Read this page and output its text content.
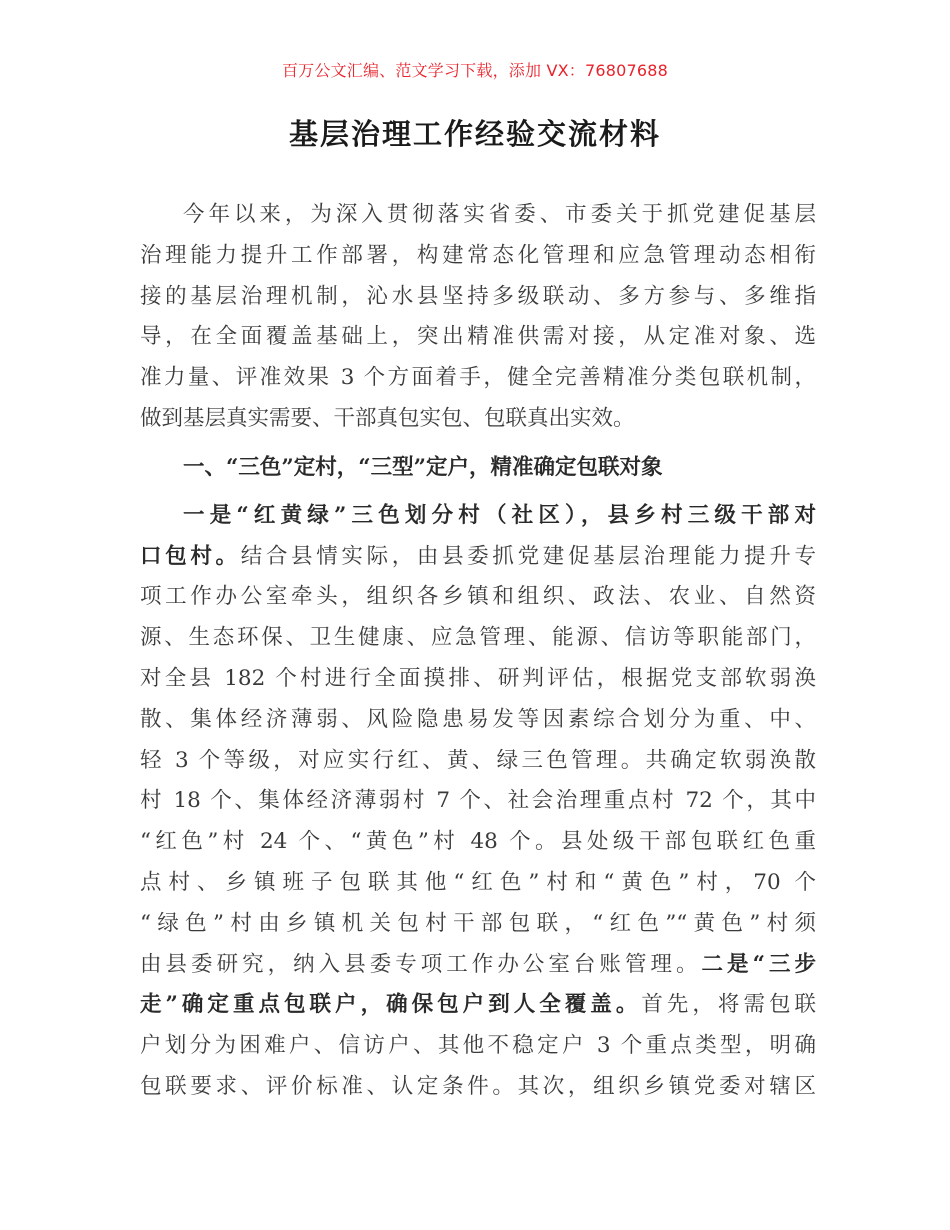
百万公文汇编、范文学习下载，添加 VX：76807688
基层治理工作经验交流材料
今年以来，为深入贯彻落实省委、市委关于抓党建促基层
治理能力提升工作部署，构建常态化管理和应急管理动态相衔
接的基层治理机制，沁水县坚持多级联动、多方参与、多维指
导，在全面覆盖基础上，突出精准供需对接，从定准对象、选
准力量、评准效果 3 个方面着手，健全完善精准分类包联机制，
做到基层真实需要、干部真包实包、包联真出实效。
一、“三色”定村，“三型”定户，精准确定包联对象
一是“红黄绿”三色划分村（社区），县乡村三级干部对
口包村。结合县情实际，由县委抓党建促基层治理能力提升专
项工作办公室牵头，组织各乡镇和组织、政法、农业、自然资
源、生态环保、卫生健康、应急管理、能源、信访等职能部门，
对全县 182 个村进行全面摸排、研判评估，根据党支部软弱涣
散、集体经济薄弱、风险隐患易发等因素综合划分为重、中、
轻 3 个等级，对应实行红、黄、绿三色管理。共确定软弱涣散
村 18 个、集体经济薄弱村 7 个、社会治理重点村 72 个，其中
“红色”村 24 个、“黄色”村 48 个。县处级干部包联红色重
点村、乡镇班子包联其他“红色”村和“黄色”村，70 个
“绿色”村由乡镇机关包村干部包联，“红色”“黄色”村须
由县委研究，纳入县委专项工作办公室台账管理。二是“三步
走”确定重点包联户，确保包户到人全覆盖。首先，将需包联
户划分为困难户、信访户、其他不稳定户 3 个重点类型，明确
包联要求、评价标准、认定条件。其次，组织乡镇党委对辖区
